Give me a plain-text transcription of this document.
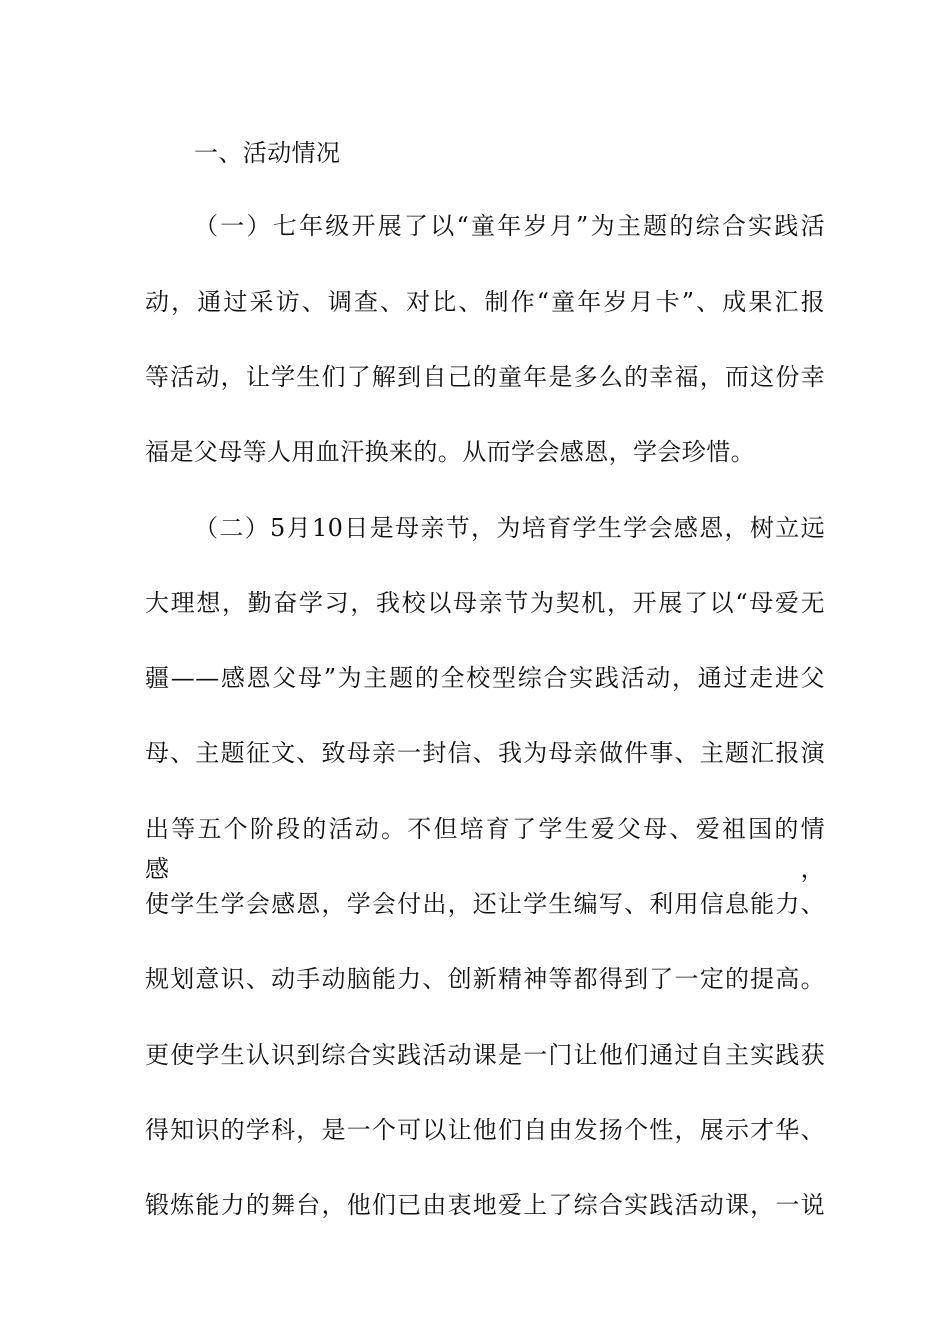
一、活动情况
（一）七年级开展了以“童年岁月”为主题的综合实践活
动，通过采访、调查、对比、制作“童年岁月卡”、成果汇报
等活动，让学生们了解到自己的童年是多么的幸福，而这份幸
福是父母等人用血汗换来的。从而学会感恩，学会珍惜。
（二）5月10日是母亲节，为培育学生学会感恩，树立远
大理想，勤奋学习，我校以母亲节为契机，开展了以“母爱无
疆——感恩父母”为主题的全校型综合实践活动，通过走进父
母、主题征文、致母亲一封信、我为母亲做件事、主题汇报演
出等五个阶段的活动。不但培育了学生爱父母、爱祖国的情感，
使学生学会感恩，学会付出，还让学生编写、利用信息能力、
规划意识、动手动脑能力、创新精神等都得到了一定的提高。
更使学生认识到综合实践活动课是一门让他们通过自主实践获
得知识的学科，是一个可以让他们自由发扬个性，展示才华、
锻炼能力的舞台，他们已由衷地爱上了综合实践活动课，一说
